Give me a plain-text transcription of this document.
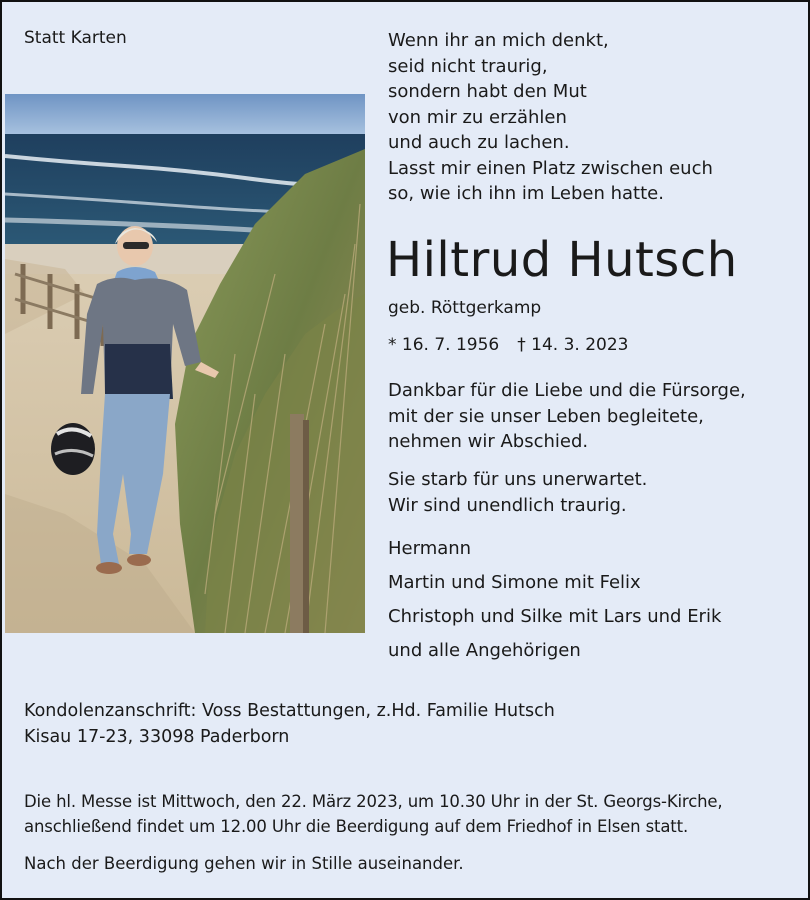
Statt Karten	Wenn ihr an mich denkt,
seid nicht traurig,
sondern habt den Mut
von mir zu erzählen
und auch zu lachen.
Lasst mir einen Platz zwischen euch
so, wie ich ihn im Leben hatte.
Hiltrud Hutsch
geb. Röttgerkamp
* 16. 7. 1956 † 14. 3. 2023
Dankbar für die Liebe und die Fürsorge,
mit der sie unser Leben begleitete,
nehmen wir Abschied.
Sie starb für uns unerwartet.
Wir sind unendlich traurig.
Hermann
Martin und Simone mit Felix
Christoph und Silke mit Lars und Erik
und alle Angehörigen
Kondolenzanschrift: Voss Bestattungen, z.Hd. Familie Hutsch
Kisau 17-23, 33098 Paderborn
Die hl. Messe ist Mittwoch, den 22. März 2023, um 10.30 Uhr in der St. Georgs-Kirche,
anschließend findet um 12.00 Uhr die Beerdigung auf dem Friedhof in Elsen statt.
Nach der Beerdigung gehen wir in Stille auseinander.
